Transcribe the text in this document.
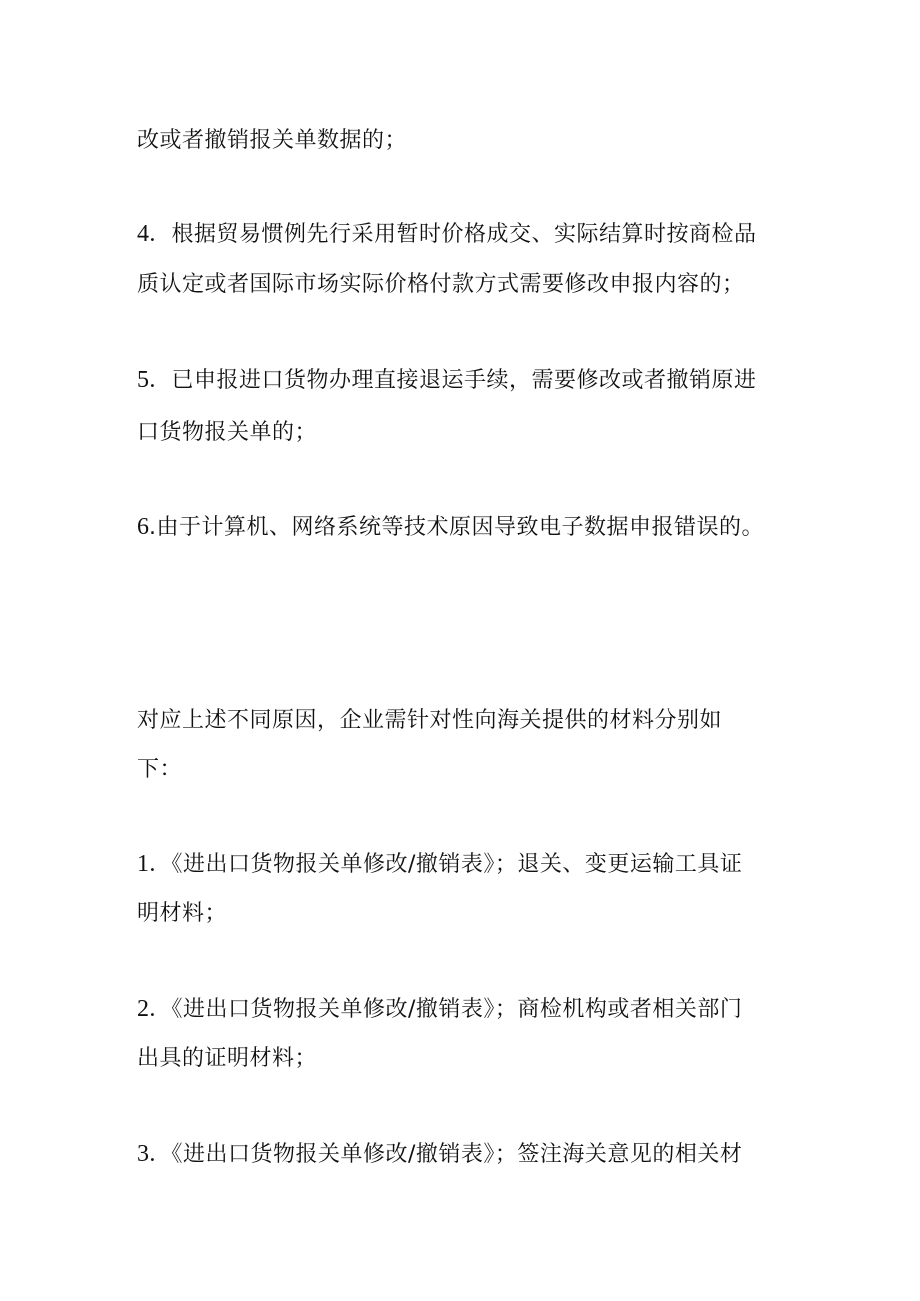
改或者撤销报关单数据的；
4．根据贸易惯例先行采用暂时价格成交、实际结算时按商检品
质认定或者国际市场实际价格付款方式需要修改申报内容的；
5．已申报进口货物办理直接退运手续，需要修改或者撤销原进
口货物报关单的；
6.由于计算机、网络系统等技术原因导致电子数据申报错误的。
对应上述不同原因，企业需针对性向海关提供的材料分别如
下：
1．《进出口货物报关单修改/撤销表》；退关、变更运输工具证
明材料；
2．《进出口货物报关单修改/撤销表》；商检机构或者相关部门
出具的证明材料；
3．《进出口货物报关单修改/撤销表》；签注海关意见的相关材
